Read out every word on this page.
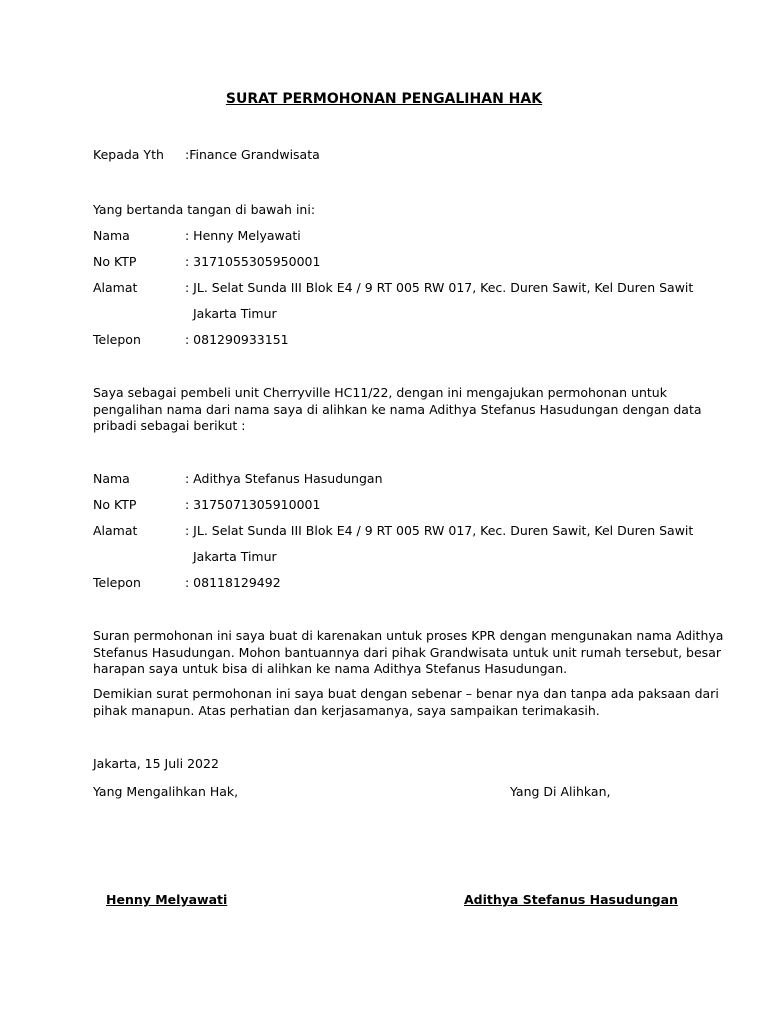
SURAT PERMOHONAN PENGALIHAN HAK
Kepada Yth :Finance Grandwisata
Yang bertanda tangan di bawah ini:
Nama	: Henny Melyawati
No KTP	: 3171055305950001
Alamat	: JL. Selat Sunda III Blok E4 / 9 RT 005 RW 017, Kec. Duren Sawit, Kel Duren Sawit
Jakarta Timur
Telepon	: 081290933151
Saya sebagai pembeli unit Cherryville HC11/22, dengan ini mengajukan permohonan untuk
pengalihan nama dari nama saya di alihkan ke nama Adithya Stefanus Hasudungan dengan data
pribadi sebagai berikut :
Nama	: Adithya Stefanus Hasudungan
No KTP	: 3175071305910001
Alamat	: JL. Selat Sunda III Blok E4 / 9 RT 005 RW 017, Kec. Duren Sawit, Kel Duren Sawit
Jakarta Timur
Telepon	: 08118129492
Suran permohonan ini saya buat di karenakan untuk proses KPR dengan mengunakan nama Adithya
Stefanus Hasudungan. Mohon bantuannya dari pihak Grandwisata untuk unit rumah tersebut, besar
harapan saya untuk bisa di alihkan ke nama Adithya Stefanus Hasudungan.
Demikian surat permohonan ini saya buat dengan sebenar – benar nya dan tanpa ada paksaan dari
pihak manapun. Atas perhatian dan kerjasamanya, saya sampaikan terimakasih.
Jakarta, 15 Juli 2022
Yang Mengalihkan Hak,	Yang Di Alihkan,
Henny Melyawati	Adithya Stefanus Hasudungan
